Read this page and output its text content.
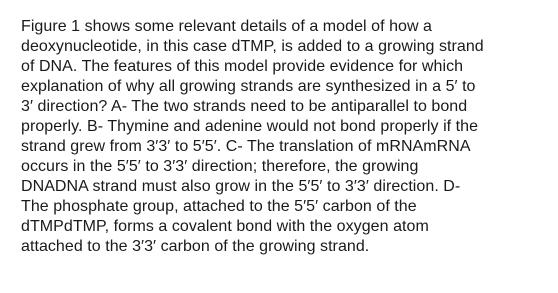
Figure 1 shows some relevant details of a model of how a
deoxynucleotide, in this case dTMP, is added to a growing strand
of DNA. The features of this model provide evidence for which
explanation of why all growing strands are synthesized in a 5′ to
3′ direction? A- The two strands need to be antiparallel to bond
properly. B- Thymine and adenine would not bond properly if the
strand grew from 3′3′ to 5′5′. C- The translation of mRNAmRNA
occurs in the 5′5′ to 3′3′ direction; therefore, the growing
DNADNA strand must also grow in the 5′5′ to 3′3′ direction. D-
The phosphate group, attached to the 5′5′ carbon of the
dTMPdTMP, forms a covalent bond with the oxygen atom
attached to the 3′3′ carbon of the growing strand.
